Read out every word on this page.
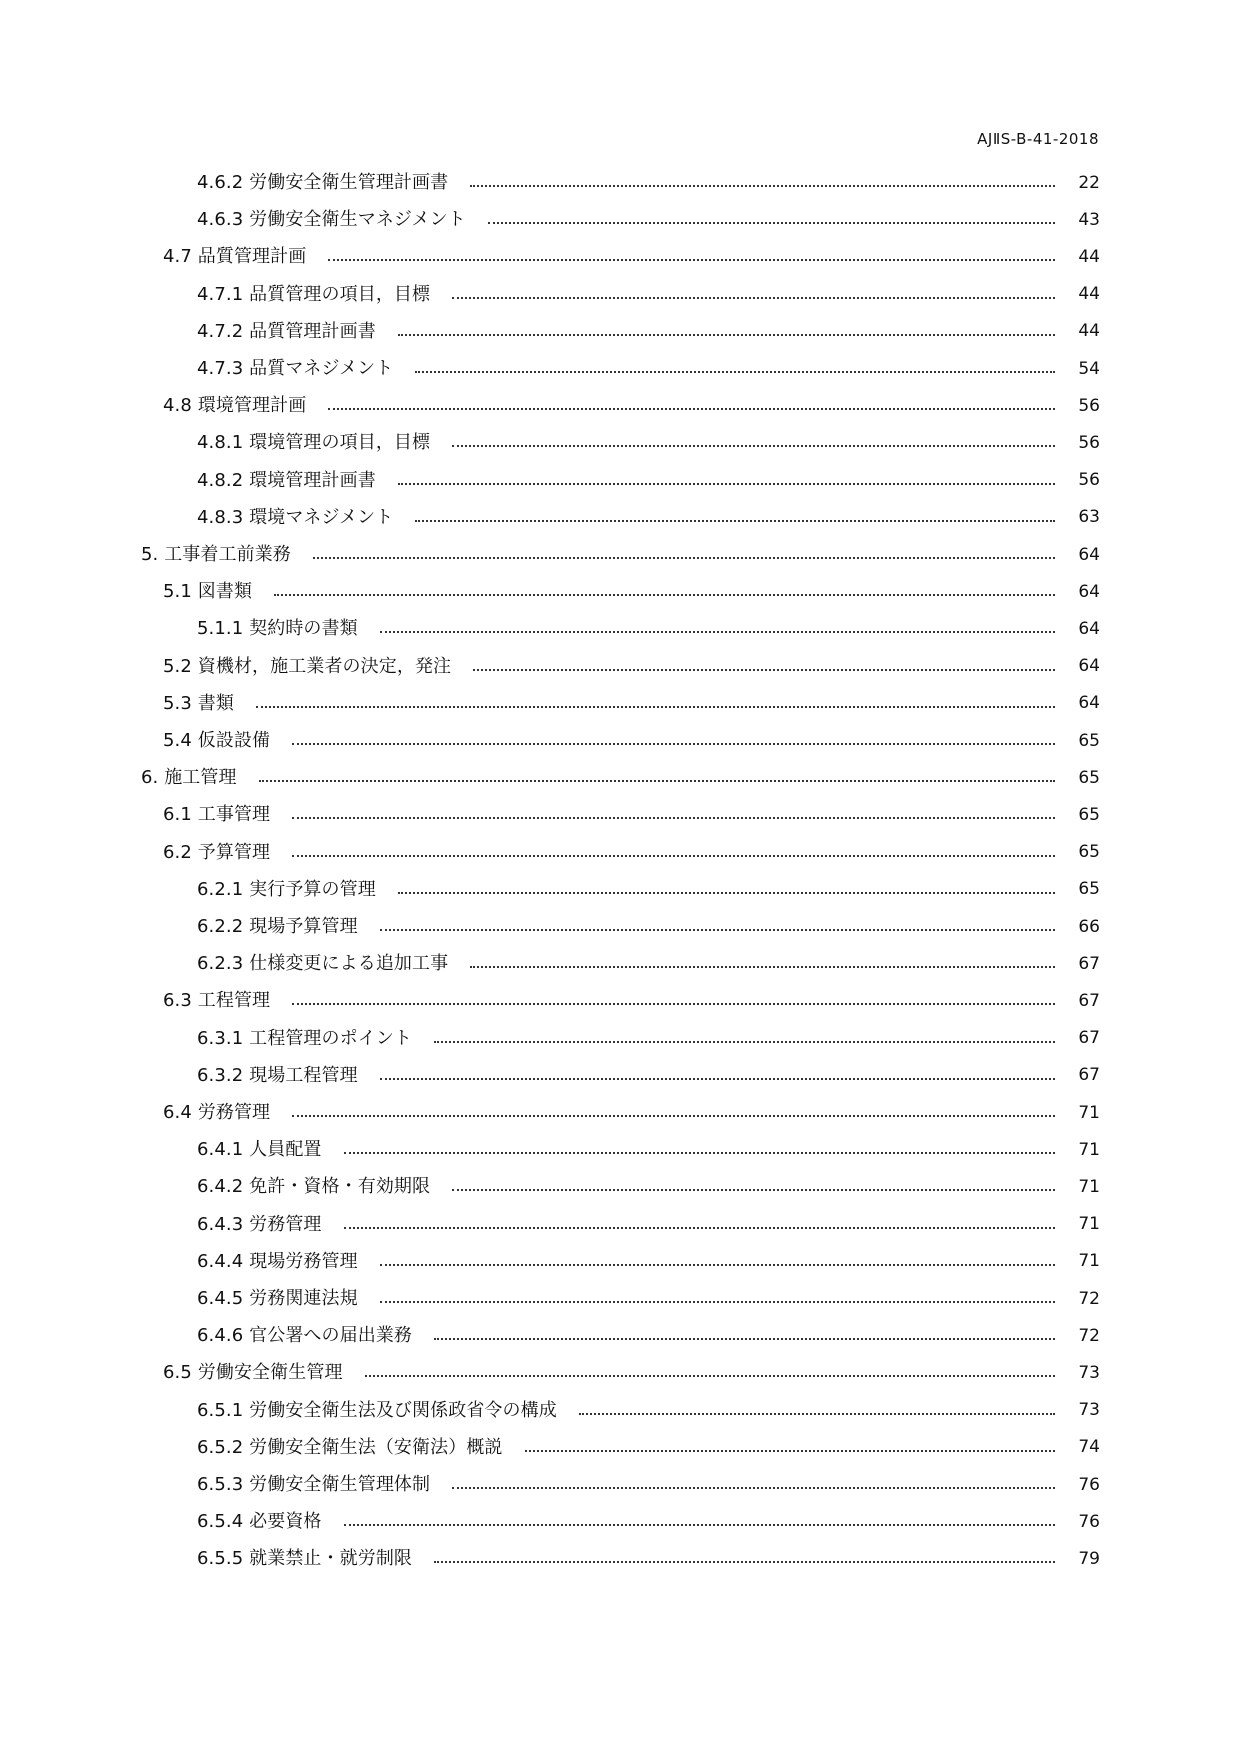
AJⅡS-B-41-2018
4.6.2 労働安全衛生管理計画書	22
4.6.3 労働安全衛生マネジメント	43
4.7 品質管理計画	44
4.7.1 品質管理の項目，目標	44
4.7.2 品質管理計画書	44
4.7.3 品質マネジメント	54
4.8 環境管理計画	56
4.8.1 環境管理の項目，目標	56
4.8.2 環境管理計画書	56
4.8.3 環境マネジメント	63
5. 工事着工前業務	64
5.1 図書類	64
5.1.1 契約時の書類	64
5.2 資機材，施工業者の決定，発注	64
5.3 書類	64
5.4 仮設設備	65
6. 施工管理	65
6.1 工事管理	65
6.2 予算管理	65
6.2.1 実行予算の管理	65
6.2.2 現場予算管理	66
6.2.3 仕様変更による追加工事	67
6.3 工程管理	67
6.3.1 工程管理のポイント	67
6.3.2 現場工程管理	67
6.4 労務管理	71
6.4.1 人員配置	71
6.4.2 免許・資格・有効期限	71
6.4.3 労務管理	71
6.4.4 現場労務管理	71
6.4.5 労務関連法規	72
6.4.6 官公署への届出業務	72
6.5 労働安全衛生管理	73
6.5.1 労働安全衛生法及び関係政省令の構成	73
6.5.2 労働安全衛生法（安衛法）概説	74
6.5.3 労働安全衛生管理体制	76
6.5.4 必要資格	76
6.5.5 就業禁止・就労制限	79
